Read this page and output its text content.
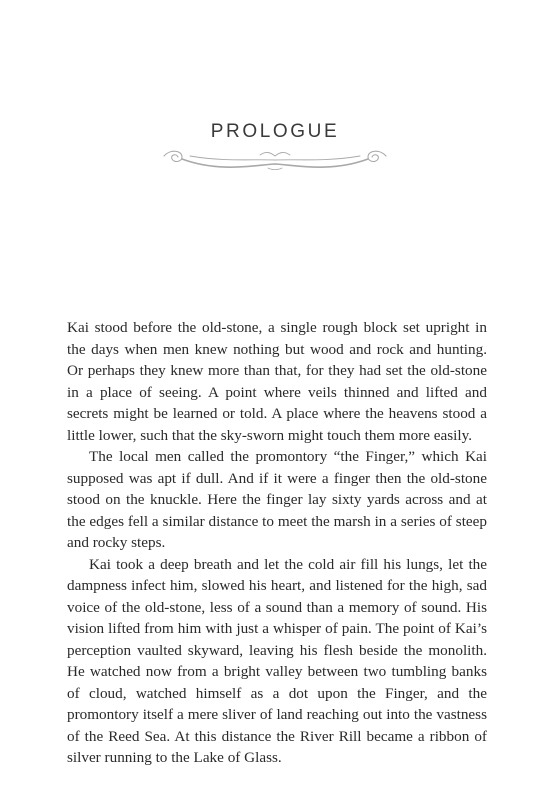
PROLOGUE

Kai stood before the old-stone, a single rough block set upright in the days when men knew nothing but wood and rock and hunting. Or perhaps they knew more than that, for they had set the old-stone in a place of seeing. A point where veils thinned and lifted and secrets might be learned or told. A place where the heavens stood a little lower, such that the sky-sworn might touch them more easily.

The local men called the promontory “the Finger,” which Kai supposed was apt if dull. And if it were a finger then the old-stone stood on the knuckle. Here the finger lay sixty yards across and at the edges fell a similar distance to meet the marsh in a series of steep and rocky steps.

Kai took a deep breath and let the cold air fill his lungs, let the dampness infect him, slowed his heart, and listened for the high, sad voice of the old-stone, less of a sound than a memory of sound. His vision lifted from him with just a whisper of pain. The point of Kai’s perception vaulted skyward, leaving his flesh beside the monolith. He watched now from a bright valley between two tumbling banks of cloud, watched himself as a dot upon the Finger, and the promontory itself a mere sliver of land reaching out into the vastness of the Reed Sea. At this distance the River Rill became a ribbon of silver running to the Lake of Glass.
